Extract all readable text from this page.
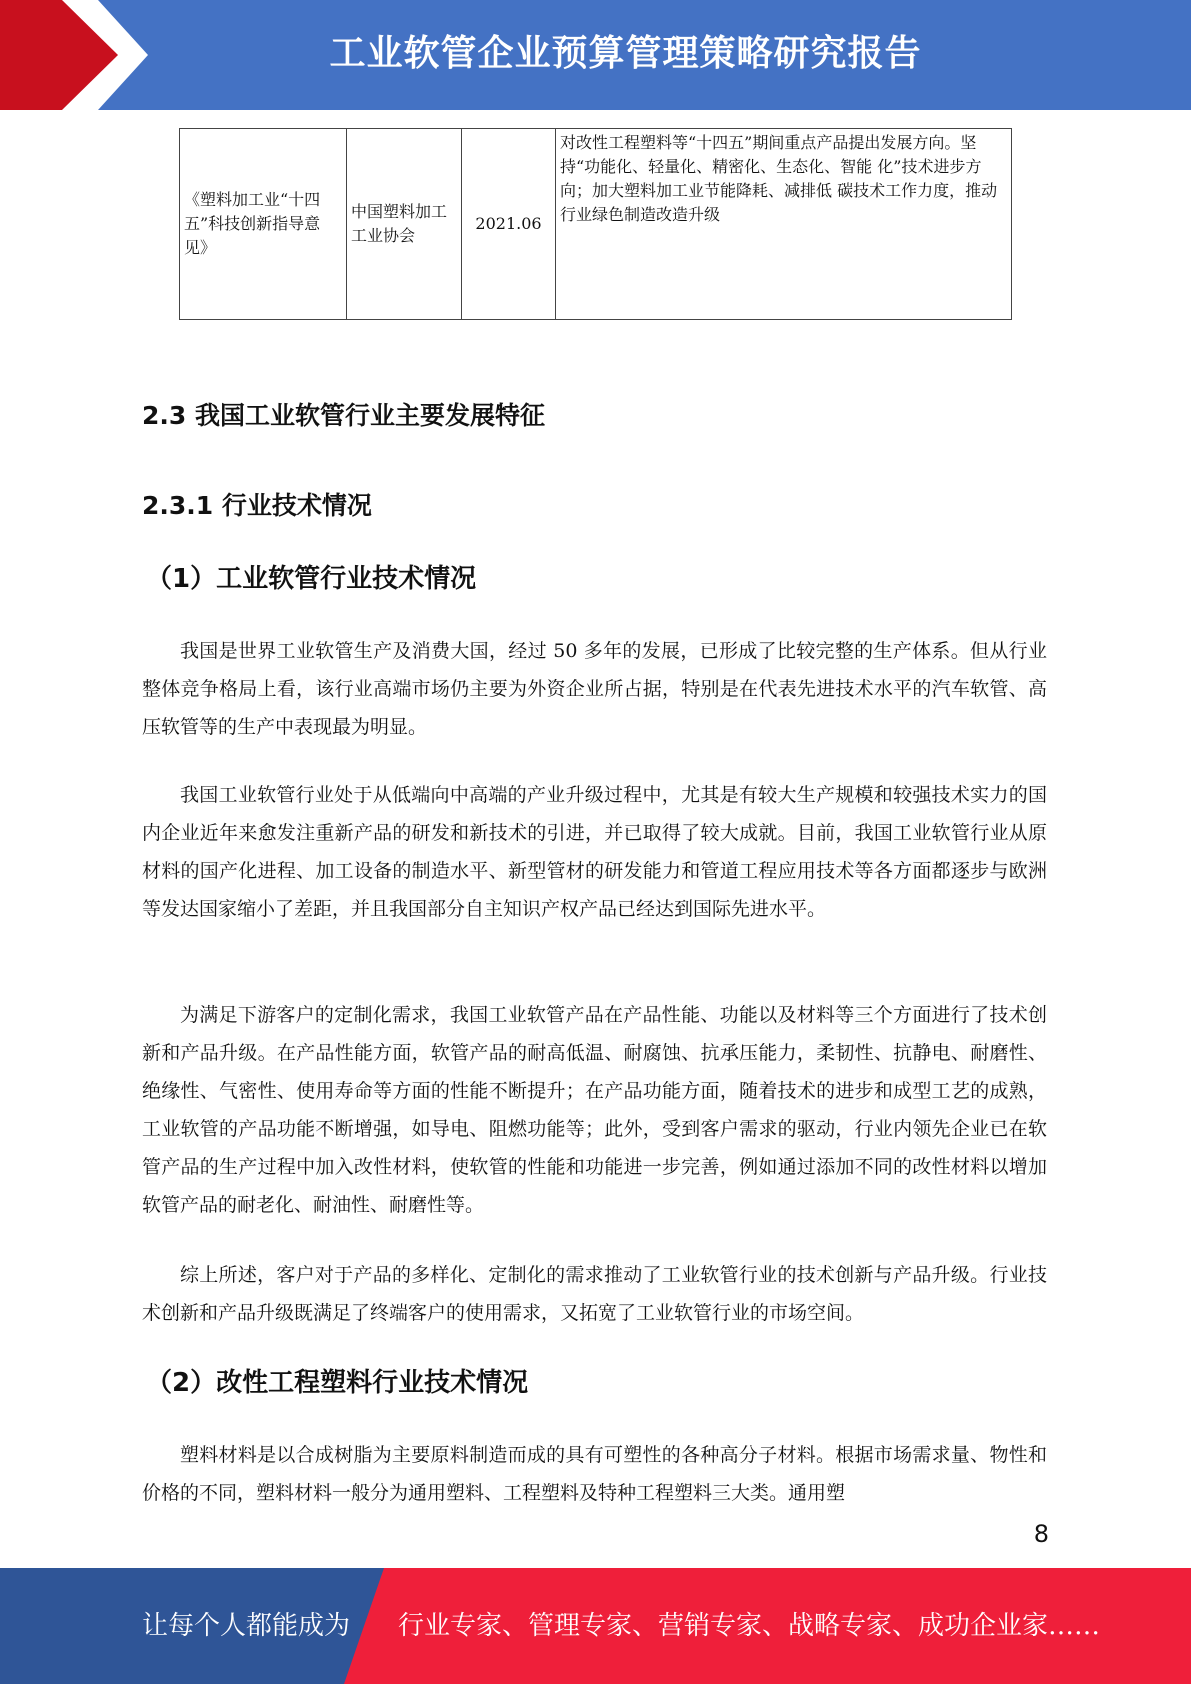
工业软管企业预算管理策略研究报告
《塑料加工业“十四五”科技创新指导意见》	中国塑料加工工业协会	2021.06	对改性工程塑料等“十四五”期间重点产品提出发展方向。坚持“功能化、轻量化、精密化、生态化、智能 化”技术进步方向；加大塑料加工业节能降耗、减排低 碳技术工作力度，推动行业绿色制造改造升级
2.3 我国工业软管行业主要发展特征
2.3.1 行业技术情况
（1）工业软管行业技术情况

我国是世界工业软管生产及消费大国，经过 50 多年的发展，已形成了比较完整的生产体系。但从行业整体竞争格局上看，该行业高端市场仍主要为外资企业所占据，特别是在代表先进技术水平的汽车软管、高压软管等的生产中表现最为明显。

我国工业软管行业处于从低端向中高端的产业升级过程中，尤其是有较大生产规模和较强技术实力的国内企业近年来愈发注重新产品的研发和新技术的引进，并已取得了较大成就。目前，我国工业软管行业从原材料的国产化进程、加工设备的制造水平、新型管材的研发能力和管道工程应用技术等各方面都逐步与欧洲等发达国家缩小了差距，并且我国部分自主知识产权产品已经达到国际先进水平。

为满足下游客户的定制化需求，我国工业软管产品在产品性能、功能以及材料等三个方面进行了技术创新和产品升级。在产品性能方面，软管产品的耐高低温、耐腐蚀、抗承压能力，柔韧性、抗静电、耐磨性、绝缘性、气密性、使用寿命等方面的性能不断提升；在产品功能方面，随着技术的进步和成型工艺的成熟，工业软管的产品功能不断增强，如导电、阻燃功能等；此外，受到客户需求的驱动，行业内领先企业已在软管产品的生产过程中加入改性材料，使软管的性能和功能进一步完善，例如通过添加不同的改性材料以增加软管产品的耐老化、耐油性、耐磨性等。

综上所述，客户对于产品的多样化、定制化的需求推动了工业软管行业的技术创新与产品升级。行业技术创新和产品升级既满足了终端客户的使用需求，又拓宽了工业软管行业的市场空间。

（2）改性工程塑料行业技术情况

塑料材料是以合成树脂为主要原料制造而成的具有可塑性的各种高分子材料。根据市场需求量、物性和价格的不同，塑料材料一般分为通用塑料、工程塑料及特种工程塑料三大类。通用塑

8
让每个人都能成为 行业专家、管理专家、营销专家、战略专家、成功企业家……
